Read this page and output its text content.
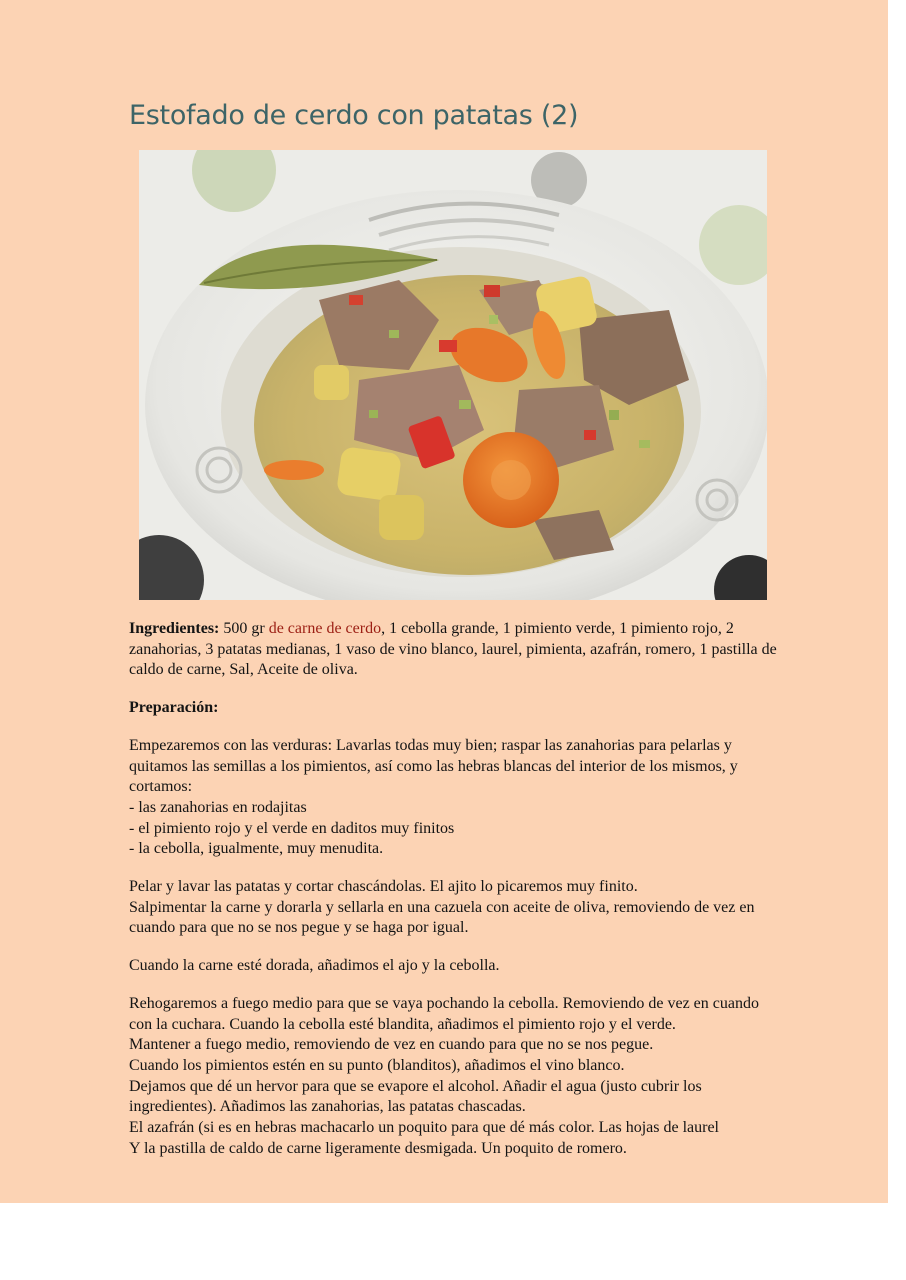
Estofado de cerdo con patatas (2)

Ingredientes: 500 gr de carne de cerdo, 1 cebolla grande, 1 pimiento verde, 1 pimiento rojo, 2 zanahorias, 3 patatas medianas, 1 vaso de vino blanco, laurel, pimienta, azafrán, romero, 1 pastilla de caldo de carne, Sal, Aceite de oliva.

Preparación:

Empezaremos con las verduras: Lavarlas todas muy bien; raspar las zanahorias para pelarlas y quitamos las semillas a los pimientos, así como las hebras blancas del interior de los mismos, y cortamos:
- las zanahorias en rodajitas
- el pimiento rojo y el verde en daditos muy finitos
- la cebolla, igualmente, muy menudita.

Pelar y lavar las patatas y cortar chascándolas. El ajito lo picaremos muy finito.
Salpimentar la carne y dorarla y sellarla en una cazuela con aceite de oliva, removiendo de vez en cuando para que no se nos pegue y se haga por igual.

Cuando la carne esté dorada, añadimos el ajo y la cebolla.

Rehogaremos a fuego medio para que se vaya pochando la cebolla. Removiendo de vez en cuando con la cuchara. Cuando la cebolla esté blandita, añadimos el pimiento rojo y el verde.
Mantener a fuego medio, removiendo de vez en cuando para que no se nos pegue.
Cuando los pimientos estén en su punto (blanditos), añadimos el vino blanco.
Dejamos que dé un hervor para que se evapore el alcohol. Añadir el agua (justo cubrir los ingredientes). Añadimos las zanahorias, las patatas chascadas.
El azafrán (si es en hebras machacarlo un poquito para que dé más color. Las hojas de laurel
Y la pastilla de caldo de carne ligeramente desmigada. Un poquito de romero.
